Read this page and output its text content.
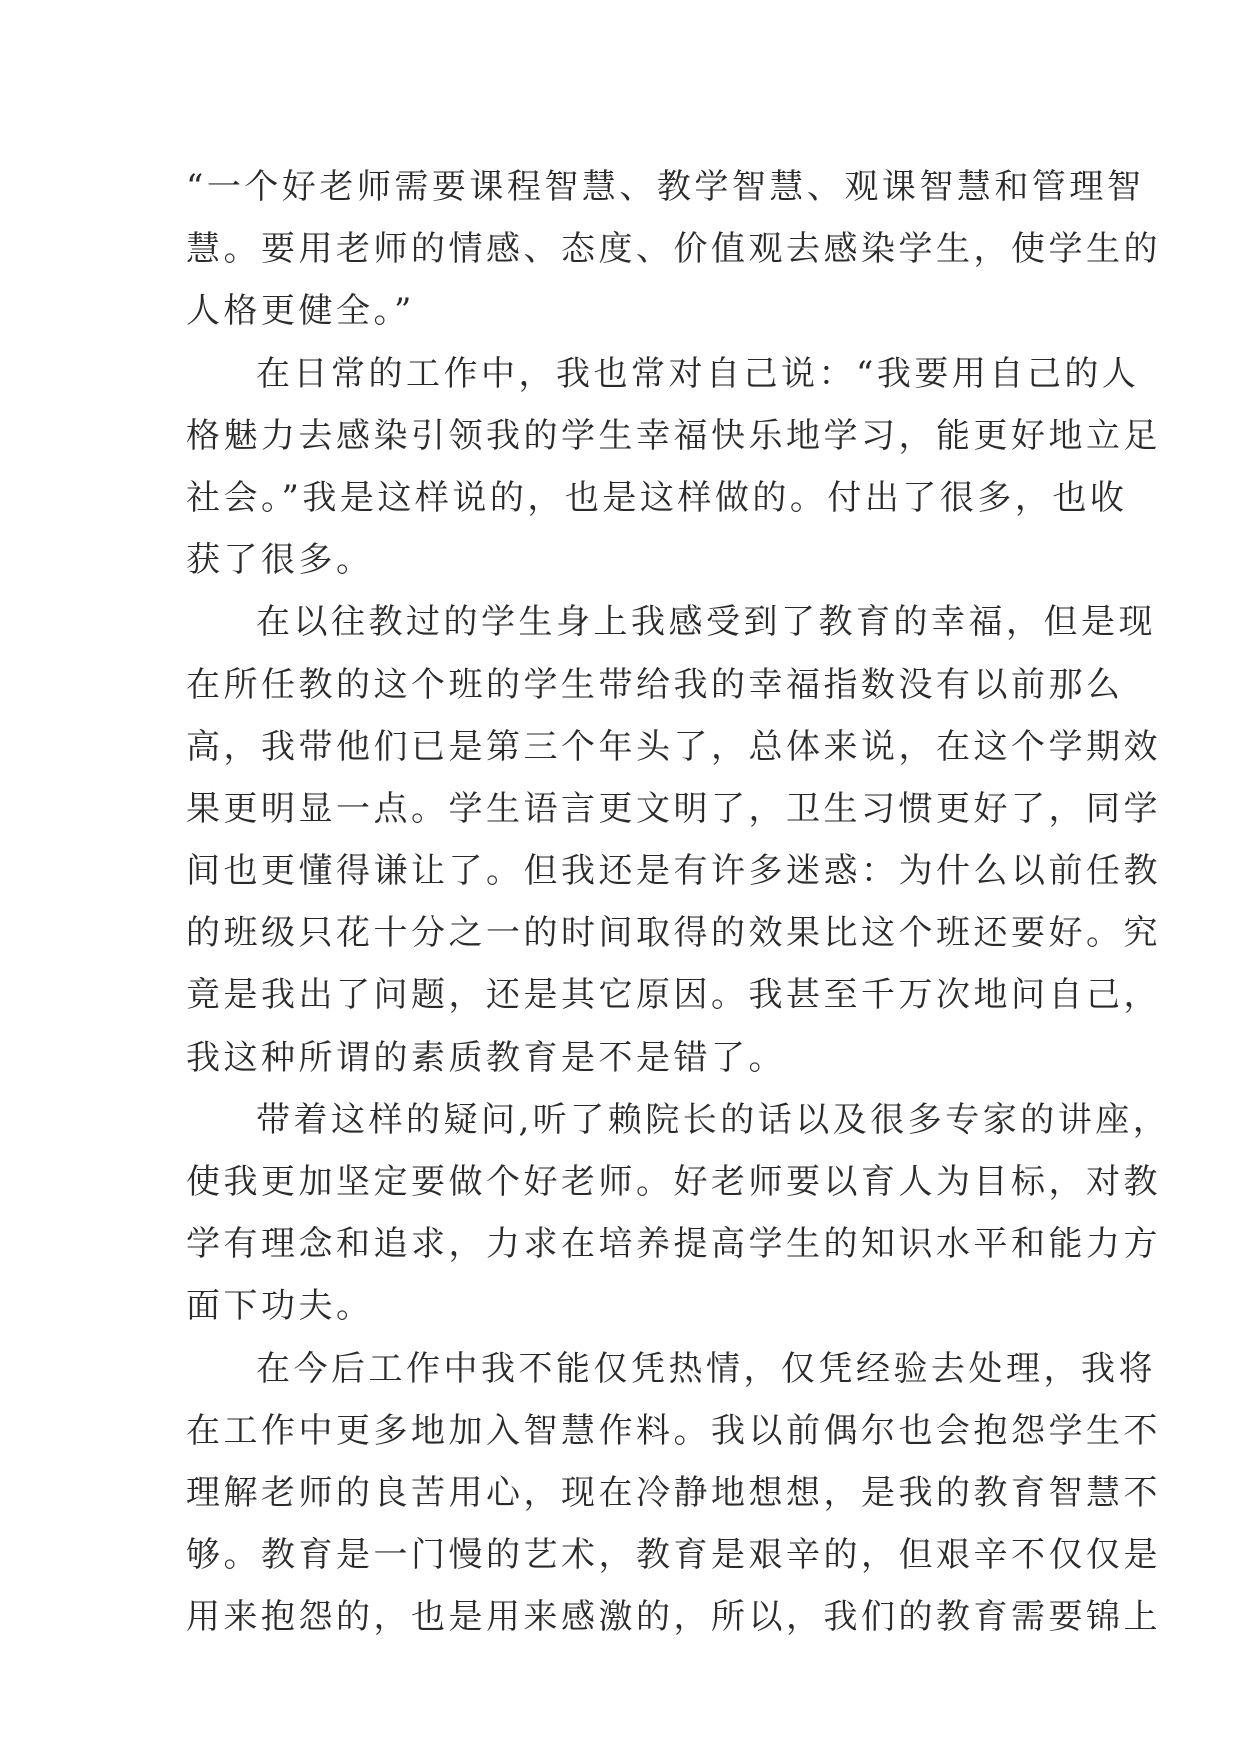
“一个好老师需要课程智慧、教学智慧、观课智慧和管理智
慧。要用老师的情感、态度、价值观去感染学生，使学生的
人格更健全。”
在日常的工作中，我也常对自己说：“我要用自己的人
格魅力去感染引领我的学生幸福快乐地学习，能更好地立足
社会。”我是这样说的，也是这样做的。付出了很多，也收
获了很多。
在以往教过的学生身上我感受到了教育的幸福，但是现
在所任教的这个班的学生带给我的幸福指数没有以前那么
高，我带他们已是第三个年头了，总体来说，在这个学期效
果更明显一点。学生语言更文明了，卫生习惯更好了，同学
间也更懂得谦让了。但我还是有许多迷惑：为什么以前任教
的班级只花十分之一的时间取得的效果比这个班还要好。究
竟是我出了问题，还是其它原因。我甚至千万次地问自己，
我这种所谓的素质教育是不是错了。
带着这样的疑问,听了赖院长的话以及很多专家的讲座，
使我更加坚定要做个好老师。好老师要以育人为目标，对教
学有理念和追求，力求在培养提高学生的知识水平和能力方
面下功夫。
在今后工作中我不能仅凭热情，仅凭经验去处理，我将
在工作中更多地加入智慧作料。我以前偶尔也会抱怨学生不
理解老师的良苦用心，现在冷静地想想，是我的教育智慧不
够。教育是一门慢的艺术，教育是艰辛的，但艰辛不仅仅是
用来抱怨的，也是用来感激的，所以，我们的教育需要锦上
